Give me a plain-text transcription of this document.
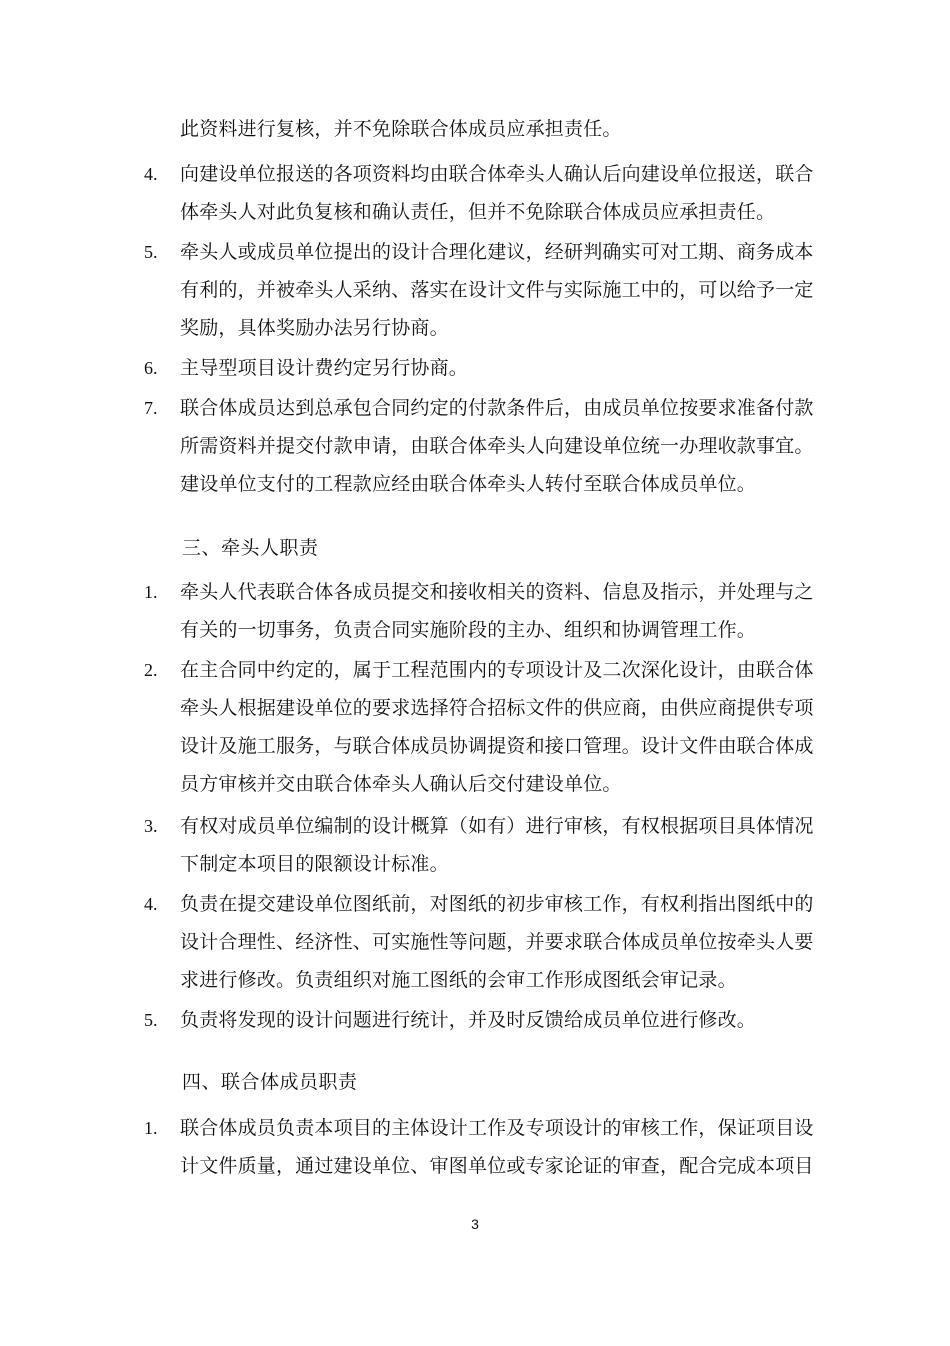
此资料进行复核，并不免除联合体成员应承担责任。
4. 向建设单位报送的各项资料均由联合体牵头人确认后向建设单位报送，联合
体牵头人对此负复核和确认责任，但并不免除联合体成员应承担责任。
5. 牵头人或成员单位提出的设计合理化建议，经研判确实可对工期、商务成本
有利的，并被牵头人采纳、落实在设计文件与实际施工中的，可以给予一定
奖励，具体奖励办法另行协商。
6. 主导型项目设计费约定另行协商。
7. 联合体成员达到总承包合同约定的付款条件后，由成员单位按要求准备付款
所需资料并提交付款申请，由联合体牵头人向建设单位统一办理收款事宜。
建设单位支付的工程款应经由联合体牵头人转付至联合体成员单位。
三、牵头人职责
1. 牵头人代表联合体各成员提交和接收相关的资料、信息及指示，并处理与之
有关的一切事务，负责合同实施阶段的主办、组织和协调管理工作。
2. 在主合同中约定的，属于工程范围内的专项设计及二次深化设计，由联合体
牵头人根据建设单位的要求选择符合招标文件的供应商，由供应商提供专项
设计及施工服务，与联合体成员协调提资和接口管理。设计文件由联合体成
员方审核并交由联合体牵头人确认后交付建设单位。
3. 有权对成员单位编制的设计概算（如有）进行审核，有权根据项目具体情况
下制定本项目的限额设计标准。
4. 负责在提交建设单位图纸前，对图纸的初步审核工作，有权利指出图纸中的
设计合理性、经济性、可实施性等问题，并要求联合体成员单位按牵头人要
求进行修改。负责组织对施工图纸的会审工作形成图纸会审记录。
5. 负责将发现的设计问题进行统计，并及时反馈给成员单位进行修改。
四、联合体成员职责
1. 联合体成员负责本项目的主体设计工作及专项设计的审核工作，保证项目设
计文件质量，通过建设单位、审图单位或专家论证的审查，配合完成本项目
3
